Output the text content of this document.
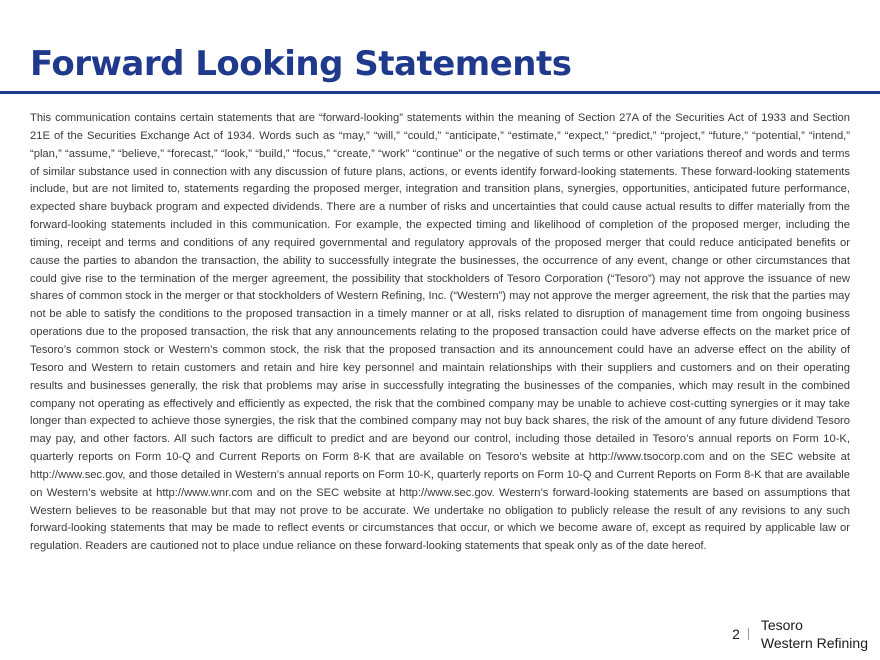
Forward Looking Statements

This communication contains certain statements that are “forward-looking” statements within the meaning of Section 27A of the Securities Act of 1933 and Section 21E of the Securities Exchange Act of 1934. Words such as “may,” “will,” “could,” “anticipate,” “estimate,” “expect,” “predict,” “project,” “future,” “potential,” “intend,” “plan,” “assume,” “believe,” “forecast,” “look,” “build,” “focus,” “create,” “work” “continue” or the negative of such terms or other variations thereof and words and terms of similar substance used in connection with any discussion of future plans, actions, or events identify forward-looking statements. These forward-looking statements include, but are not limited to, statements regarding the proposed merger, integration and transition plans, synergies, opportunities, anticipated future performance, expected share buyback program and expected dividends. There are a number of risks and uncertainties that could cause actual results to differ materially from the forward-looking statements included in this communication. For example, the expected timing and likelihood of completion of the proposed merger, including the timing, receipt and terms and conditions of any required governmental and regulatory approvals of the proposed merger that could reduce anticipated benefits or cause the parties to abandon the transaction, the ability to successfully integrate the businesses, the occurrence of any event, change or other circumstances that could give rise to the termination of the merger agreement, the possibility that stockholders of Tesoro Corporation (“Tesoro”) may not approve the issuance of new shares of common stock in the merger or that stockholders of Western Refining, Inc. (“Western”) may not approve the merger agreement, the risk that the parties may not be able to satisfy the conditions to the proposed transaction in a timely manner or at all, risks related to disruption of management time from ongoing business operations due to the proposed transaction, the risk that any announcements relating to the proposed transaction could have adverse effects on the market price of Tesoro’s common stock or Western’s common stock, the risk that the proposed transaction and its announcement could have an adverse effect on the ability of Tesoro and Western to retain customers and retain and hire key personnel and maintain relationships with their suppliers and customers and on their operating results and businesses generally, the risk that problems may arise in successfully integrating the businesses of the companies, which may result in the combined company not operating as effectively and efficiently as expected, the risk that the combined company may be unable to achieve cost-cutting synergies or it may take longer than expected to achieve those synergies, the risk that the combined company may not buy back shares, the risk of the amount of any future dividend Tesoro may pay, and other factors. All such factors are difficult to predict and are beyond our control, including those detailed in Tesoro’s annual reports on Form 10-K, quarterly reports on Form 10-Q and Current Reports on Form 8-K that are available on Tesoro’s website at http://www.tsocorp.com and on the SEC website at http://www.sec.gov, and those detailed in Western’s annual reports on Form 10-K, quarterly reports on Form 10-Q and Current Reports on Form 8-K that are available on Western’s website at http://www.wnr.com and on the SEC website at http://www.sec.gov. Western’s forward-looking statements are based on assumptions that Western believes to be reasonable but that may not prove to be accurate. We undertake no obligation to publicly release the result of any revisions to any such forward-looking statements that may be made to reflect events or circumstances that occur, or which we become aware of, except as required by applicable law or regulation. Readers are cautioned not to place undue reliance on these forward-looking statements that speak only as of the date hereof.

2
Tesoro
Western Refining
